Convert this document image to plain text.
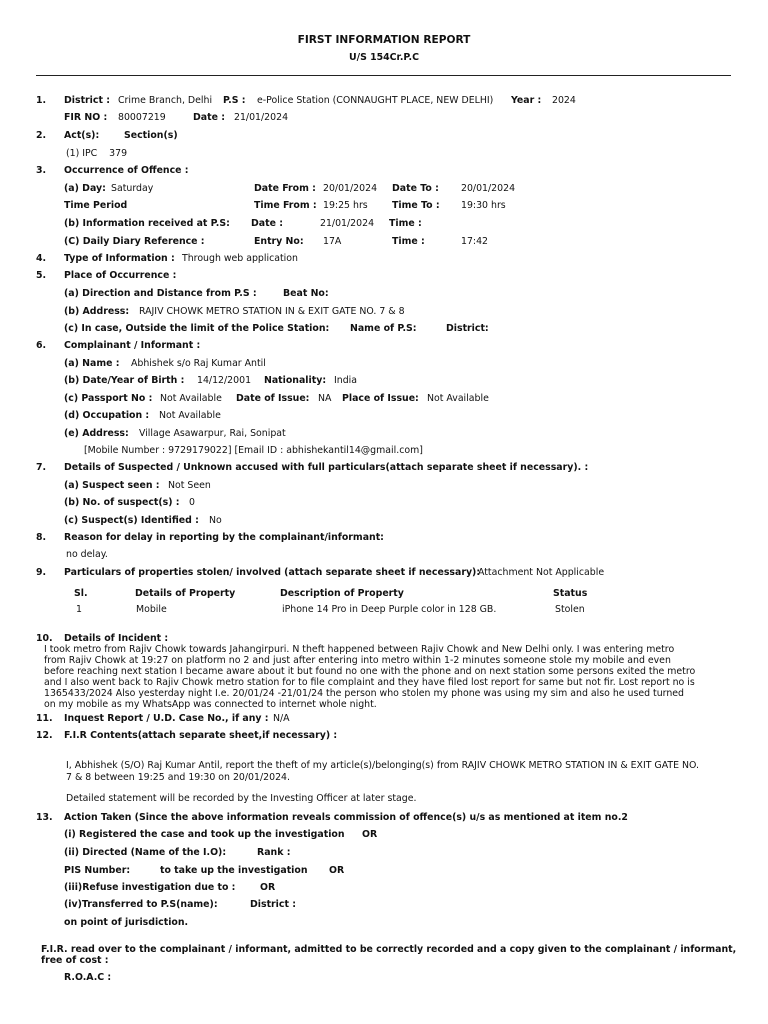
FIRST INFORMATION REPORT
U/S 154Cr.P.C
1. District : Crime Branch, Delhi P.S : e-Police Station (CONNAUGHT PLACE, NEW DELHI) Year : 2024
FIR NO : 80007219	Date : 21/01/2024
2. Act(s):	Section(s)
(1) IPC    379
3. Occurrence of Offence :
(a) Day: Saturday	Date From : 20/01/2024 Date To : 20/01/2024
Time Period	Time From : 19:25 hrs	Time To : 19:30 hrs
(b) Information received at P.S: Date :	21/01/2024 Time :
(C) Daily Diary Reference :	Entry No: 17A	Time :	17:42
4. Type of Information : Through web application
5. Place of Occurrence :
(a) Direction and Distance from P.S :	Beat No:
(b) Address: RAJIV CHOWK METRO STATION IN & EXIT GATE NO. 7 & 8
(c) In case, Outside the limit of the Police Station: Name of P.S:	District:
6. Complainant / Informant :
(a) Name : Abhishek s/o Raj Kumar Antil
(b) Date/Year of Birth : 14/12/2001 Nationality: India
(c) Passport No : Not Available Date of Issue: NA Place of Issue: Not Available
(d) Occupation : Not Available
(e) Address: Village Asawarpur, Rai, Sonipat
[Mobile Number : 9729179022] [Email ID : abhishekantil14@gmail.com]
7. Details of Suspected / Unknown accused with full particulars(attach separate sheet if necessary). :
(a) Suspect seen : Not Seen
(b) No. of suspect(s) : 0
(c) Suspect(s) Identified : No
8. Reason for delay in reporting by the complainant/informant:
no delay.
9. Particulars of properties stolen/ involved (attach separate sheet if necessary):
Attachment Not Applicable
Sl.	Details of Property	Description of Property	Status
1	Mobile	iPhone 14 Pro in Deep Purple color in 128 GB.	Stolen
10. Details of Incident :
I took metro from Rajiv Chowk towards Jahangirpuri. N theft happened between Rajiv Chowk and New Delhi only. I was entering metro
from Rajiv Chowk at 19:27 on platform no 2 and just after entering into metro within 1-2 minutes someone stole my mobile and even
before reaching next station I became aware about it but found no one with the phone and on next station some persons exited the metro
and I also went back to Rajiv Chowk metro station for to file complaint and they have filed lost report for same but not fir. Lost report no is
1365433/2024 Also yesterday night I.e. 20/01/24 -21/01/24 the person who stolen my phone was using my sim and also he used turned
on my mobile as my WhatsApp was connected to internet whole night.
11. Inquest Report / U.D. Case No., if any : N/A
12. F.I.R Contents(attach separate sheet,if necessary) :
I, Abhishek (S/O) Raj Kumar Antil, report the theft of my article(s)/belonging(s) from RAJIV CHOWK METRO STATION IN & EXIT GATE NO.
7 & 8 between 19:25 and 19:30 on 20/01/2024.
Detailed statement will be recorded by the Investing Officer at later stage.
13. Action Taken (Since the above information reveals commission of offence(s) u/s as mentioned at item no.2
(i) Registered the case and took up the investigation OR
(ii) Directed (Name of the I.O):	Rank :
PIS Number:	to take up the investigation OR
(iii)Refuse investigation due to :	OR
(iv)Transferred to P.S(name):	District :
on point of jurisdiction.
F.I.R. read over to the complainant / informant, admitted to be correctly recorded and a copy given to the complainant / informant,
free of cost :
R.O.A.C :
